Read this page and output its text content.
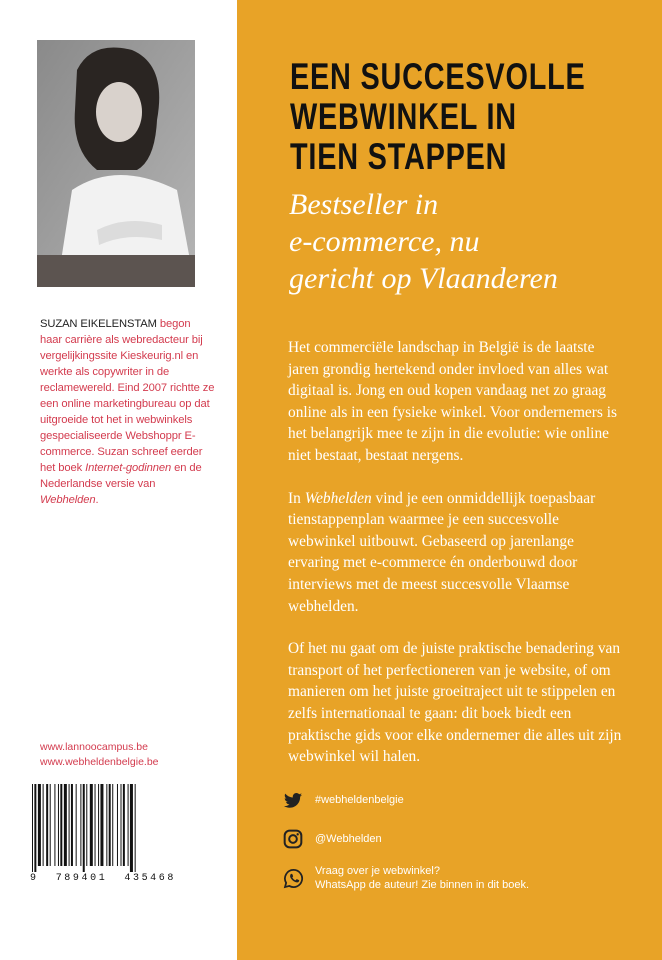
SUZAN EIKELENSTAM begon haar carrière als webredacteur bij vergelijkingssite Kieskeurig.nl en werkte als copywriter in de reclamewereld. Eind 2007 richtte ze een online marketingbureau op dat uitgroeide tot het in webwinkels gespecialiseerde Webshoppr E-commerce. Suzan schreef eerder het boek Internet-godinnen en de Nederlandse versie van Webhelden.
www.lannoocampus.be
www.webheldenbelgie.be
9 789401 435468
EEN SUCCESVOLLE
WEBWINKEL IN
TIEN STAPPEN
Bestseller in
e-commerce, nu
gericht op Vlaanderen

Het commerciële landschap in België is de laatste jaren grondig hertekend onder invloed van alles wat digitaal is. Jong en oud kopen vandaag net zo graag online als in een fysieke winkel. Voor ondernemers is het belangrijk mee te zijn in die evolutie: wie online niet bestaat, bestaat nergens.

In Webhelden vind je een onmiddellijk toepasbaar tienstappenplan waarmee je een succesvolle webwinkel uitbouwt. Gebaseerd op jarenlange ervaring met e-commerce én onderbouwd door interviews met de meest succesvolle Vlaamse webhelden.

Of het nu gaat om de juiste praktische benadering van transport of het perfectioneren van je website, of om manieren om het juiste groeitraject uit te stippelen en zelfs internationaal te gaan: dit boek biedt een praktische gids voor elke ondernemer die alles uit zijn webwinkel wil halen.

#webheldenbelgie
@Webhelden
Vraag over je webwinkel?
WhatsApp de auteur! Zie binnen in dit boek.
